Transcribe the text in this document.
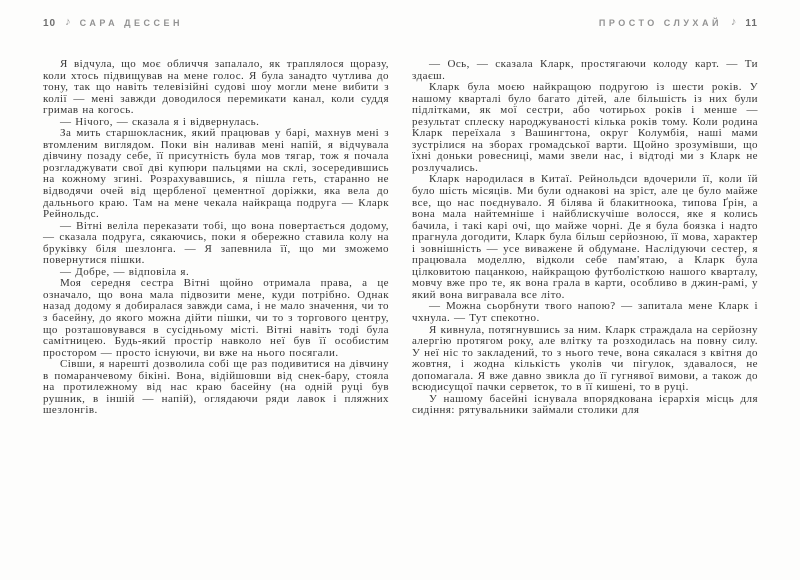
10 ♪ САРА ДЕССЕН

Я відчула, що моє обличчя запалало, як траплялося щоразу, коли хтось підвищував на мене голос. Я була занадто чутлива до тону, так що навіть телевізійні судові шоу могли мене вибити з колії — мені завжди доводилося перемикати канал, коли суддя гримав на когось.

— Нічого, — сказала я і відвернулась.

За мить старшокласник, який працював у барі, махнув мені з втомленим виглядом. Поки він наливав мені напій, я відчувала дівчину позаду себе, її присутність була мов тягар, тож я почала розгладжувати свої дві купюри пальцями на склі, зосередившись на кожному згині. Розрахувавшись, я пішла геть, старанно не відводячи очей від щербленої цементної доріжки, яка вела до дальнього краю. Там на мене чекала найкраща подруга — Кларк Рейнольдс.

— Вітні веліла переказати тобі, що вона повертається додому, — сказала подруга, сякаючись, поки я обережно ставила колу на бруківку біля шезлонга. — Я запевнила її, що ми зможемо повернутися пішки.

— Добре, — відповіла я.

Моя середня сестра Вітні щойно отримала права, а це означало, що вона мала підвозити мене, куди потрібно. Однак назад додому я добиралася завжди сама, і не мало значення, чи то з басейну, до якого можна дійти пішки, чи то з торгового центру, що розташовувався в сусідньому місті. Вітні навіть тоді була самітницею. Будь-який простір навколо неї був її особистим простором — просто існуючи, ви вже на нього посягали.

Сівши, я нарешті дозволила собі ще раз подивитися на дівчину в помаранчевому бікіні. Вона, відійшовши від снек-бару, стояла на протилежному від нас краю басейну (на одній руці був рушник, в іншій — напій), оглядаючи ряди лавок і пляжних шезлонгів.

ПРОСТО СЛУХАЙ ♪ 11

— Ось, — сказала Кларк, простягаючи колоду карт. — Ти здаєш.

Кларк була моєю найкращою подругою із шести років. У нашому кварталі було багато дітей, але більшість із них були підлітками, як мої сестри, або чотирьох років і менше — результат сплеску народжуваності кілька років тому. Коли родина Кларк переїхала з Вашингтона, округ Колумбія, наші мами зустрілися на зборах громадської варти. Щойно зрозумівши, що їхні доньки ровесниці, мами звели нас, і відтоді ми з Кларк не розлучались.

Кларк народилася в Китаї. Рейнольдси вдочерили її, коли їй було шість місяців. Ми були однакові на зріст, але це було майже все, що нас поєднувало. Я білява й блакитноока, типова Ґрін, а вона мала найтемніше і найблискучіше волосся, яке я колись бачила, і такі карі очі, що майже чорні. Де я була боязка і надто прагнула догодити, Кларк була більш серйозною, її мова, характер і зовнішність — усе виважене й обдумане. Наслідуючи сестер, я працювала моделлю, відколи себе пам'ятаю, а Кларк була цілковитою пацанкою, найкращою футболісткою нашого кварталу, мовчу вже про те, як вона грала в карти, особливо в джин-рамі, у який вона вигравала все літо.

— Можна сьорбнути твого напою? — запитала мене Кларк і чхнула. — Тут спекотно.

Я кивнула, потягнувшись за ним. Кларк страждала на серйозну алергію протягом року, але влітку та розходилась на повну силу. У неї ніс то закладений, то з нього тече, вона сякалася з квітня до жовтня, і жодна кількість уколів чи пігулок, здавалося, не допомагала. Я вже давно звикла до її гугнявої вимови, а також до всюдисущої пачки серветок, то в її кишені, то в руці.

У нашому басейні існувала впорядкована ієрархія місць для сидіння: рятувальники займали столики для
